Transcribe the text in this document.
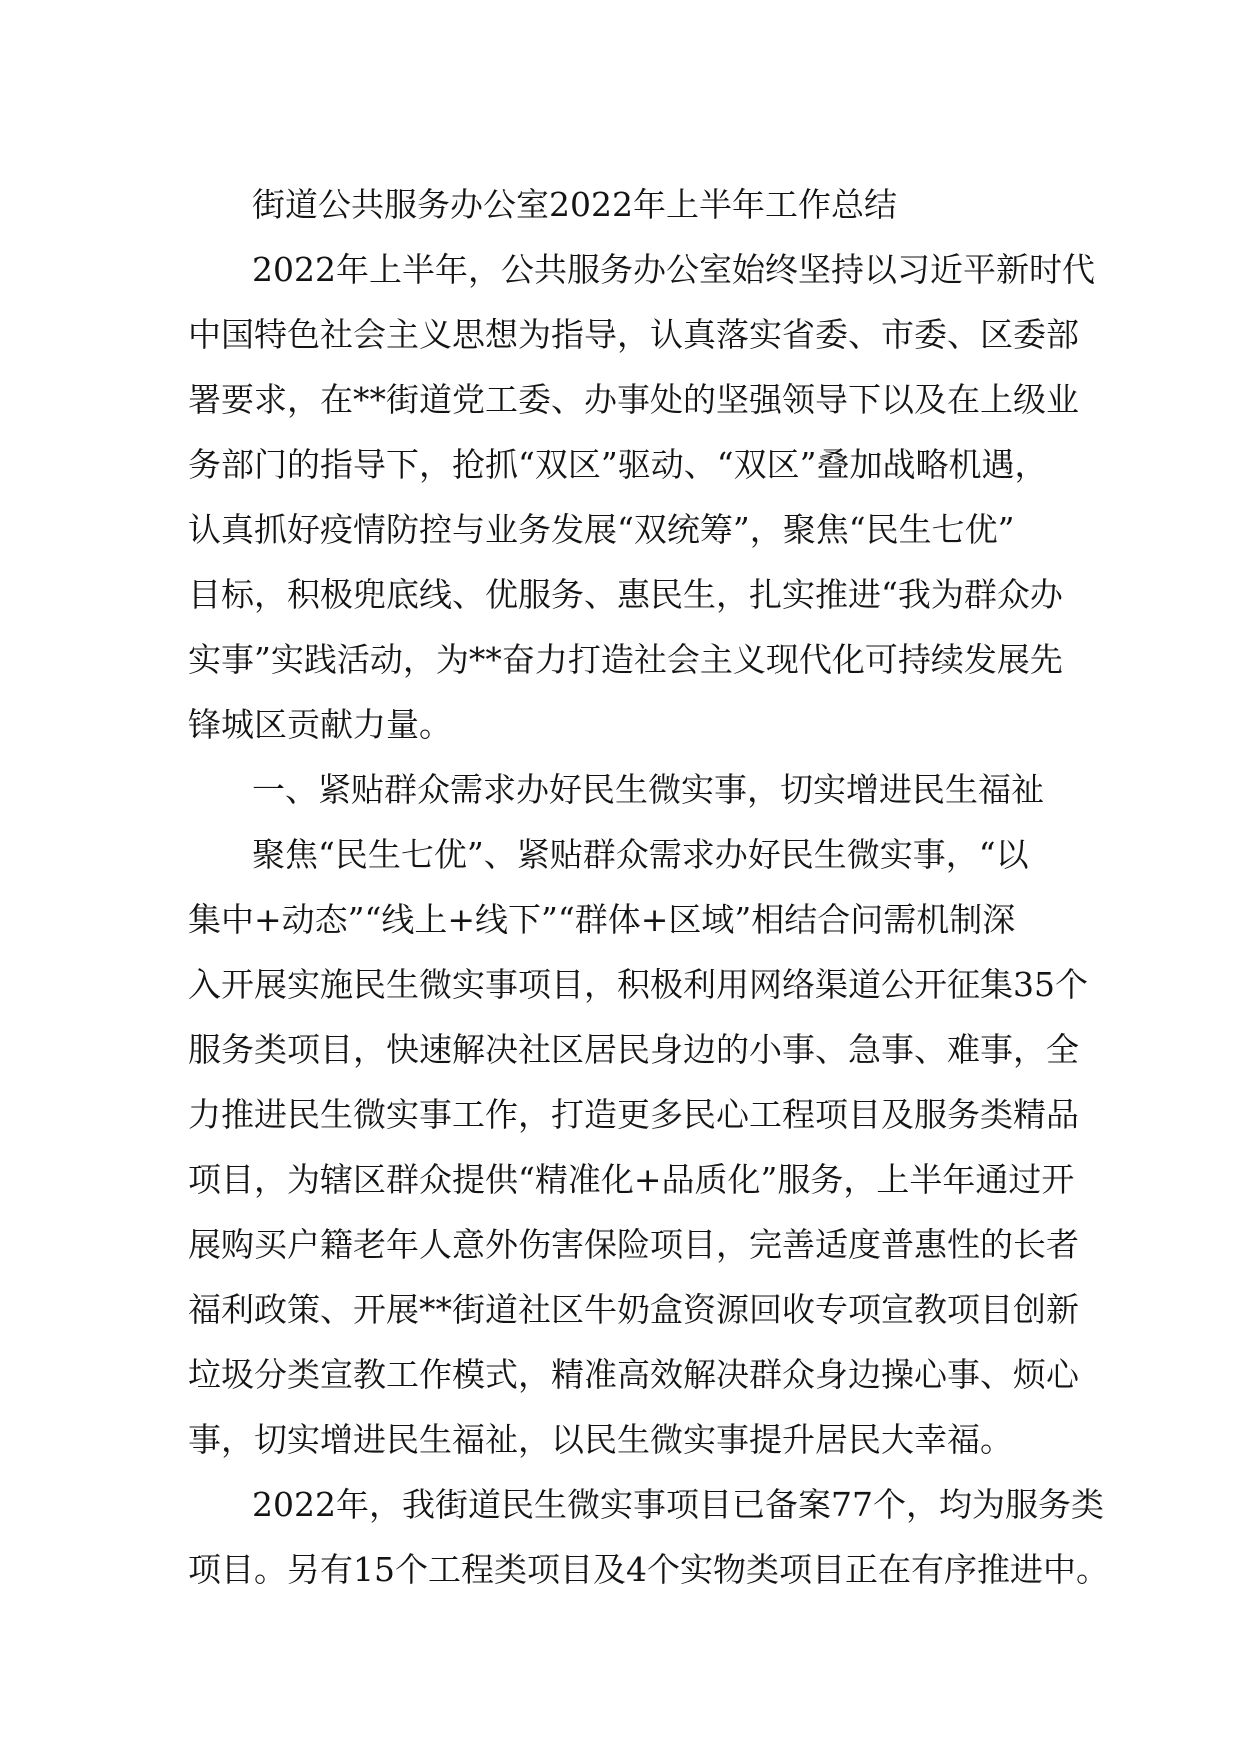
街道公共服务办公室2022年上半年工作总结
2022年上半年，公共服务办公室始终坚持以习近平新时代
中国特色社会主义思想为指导，认真落实省委、市委、区委部
署要求，在**街道党工委、办事处的坚强领导下以及在上级业
务部门的指导下，抢抓“双区”驱动、“双区”叠加战略机遇，
认真抓好疫情防控与业务发展“双统筹”，聚焦“民生七优”
目标，积极兜底线、优服务、惠民生，扎实推进“我为群众办
实事”实践活动，为**奋力打造社会主义现代化可持续发展先
锋城区贡献力量。
一、紧贴群众需求办好民生微实事，切实增进民生福祉
聚焦“民生七优”、紧贴群众需求办好民生微实事，“以
集中+动态”“线上+线下”“群体+区域”相结合问需机制深
入开展实施民生微实事项目，积极利用网络渠道公开征集35个
服务类项目，快速解决社区居民身边的小事、急事、难事，全
力推进民生微实事工作，打造更多民心工程项目及服务类精品
项目，为辖区群众提供“精准化+品质化”服务，上半年通过开
展购买户籍老年人意外伤害保险项目，完善适度普惠性的长者
福利政策、开展**街道社区牛奶盒资源回收专项宣教项目创新
垃圾分类宣教工作模式，精准高效解决群众身边操心事、烦心
事，切实增进民生福祉，以民生微实事提升居民大幸福。
2022年，我街道民生微实事项目已备案77个，均为服务类
项目。另有15个工程类项目及4个实物类项目正在有序推进中。
